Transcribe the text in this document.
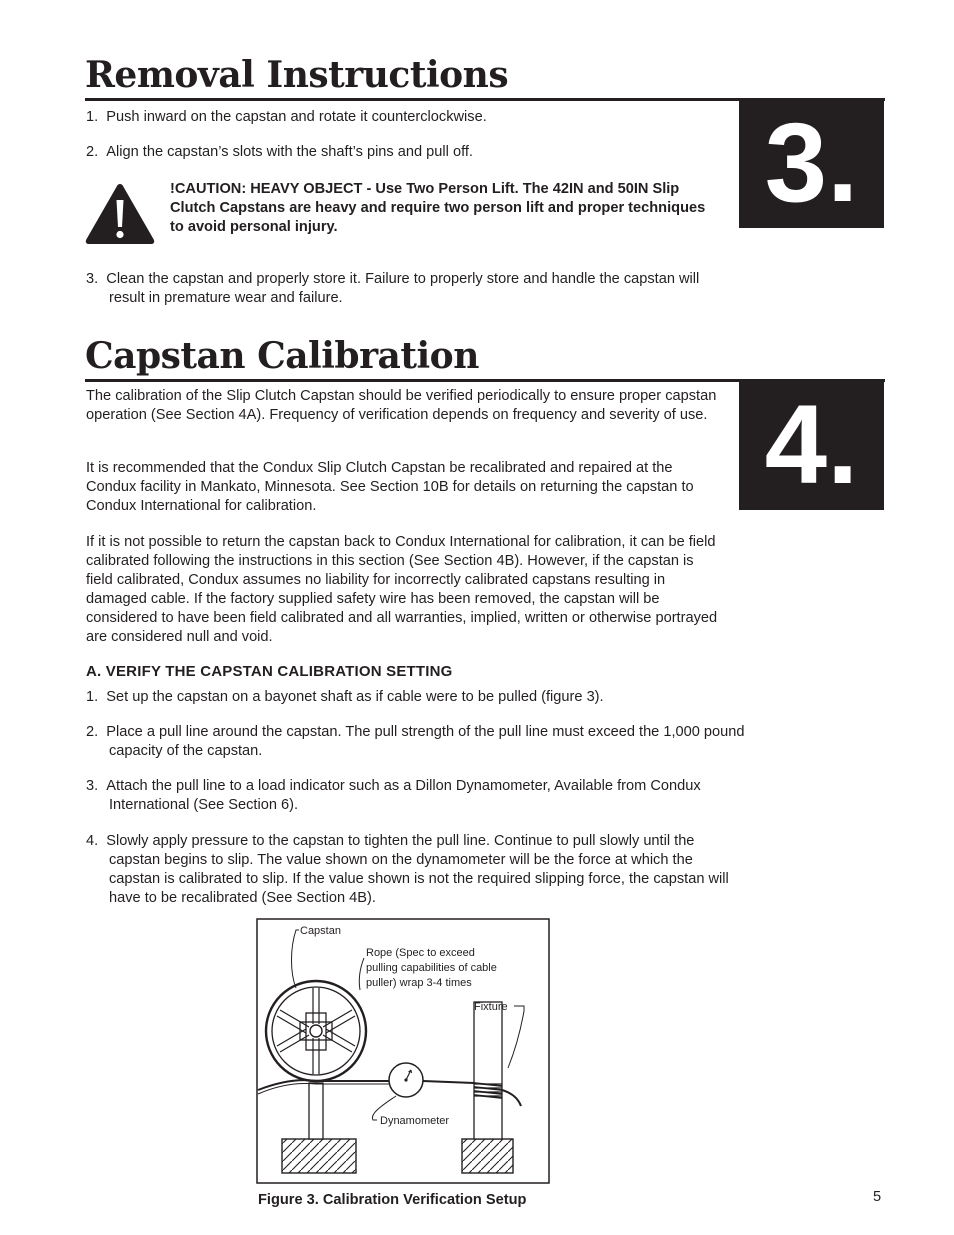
Removal Instructions
3.
1.  Push inward on the capstan and rotate it counterclockwise.
2.  Align the capstan’s slots with the shaft’s pins and pull off.
!CAUTION: HEAVY OBJECT - Use Two Person Lift. The 42IN and 50IN Slip Clutch Capstans are heavy and require two person lift and proper techniques to avoid personal injury.
3.  Clean the capstan and properly store it. Failure to properly store and handle the capstan will result in premature wear and failure.
Capstan Calibration
4.
The calibration of the Slip Clutch Capstan should be verified periodically to ensure proper capstan operation (See Section 4A). Frequency of verification depends on frequency and severity of use.
It is recommended that the Condux Slip Clutch Capstan be recalibrated and repaired at the Condux facility in Mankato, Minnesota. See Section 10B for details on returning the capstan to Condux International for calibration.
If it is not possible to return the capstan back to Condux International for calibration, it can be field calibrated following the instructions in this section (See Section 4B). However, if the capstan is field calibrated, Condux assumes no liability for incorrectly calibrated capstans resulting in damaged cable. If the factory supplied safety wire has been removed, the capstan will be considered to have been field calibrated and all warranties, implied, written or otherwise portrayed are considered null and void.
A. VERIFY THE CAPSTAN CALIBRATION SETTING
1.  Set up the capstan on a bayonet shaft as if cable were to be pulled (figure 3).
2.  Place a pull line around the capstan. The pull strength of the pull line must exceed the 1,000 pound capacity of the capstan.
3.  Attach the pull line to a load indicator such as a Dillon Dynamometer, Available from Condux International (See Section 6).
4.  Slowly apply pressure to the capstan to tighten the pull line. Continue to pull slowly until the capstan begins to slip. The value shown on the dynamometer will be the force at which the capstan is calibrated to slip. If the value shown is not the required slipping force, the capstan will have to be recalibrated (See Section 4B).
Capstan
Rope (Spec to exceed
pulling capabilities of cable
puller) wrap 3-4 times
Fixture
Dynamometer
Figure 3. Calibration Verification Setup	5
